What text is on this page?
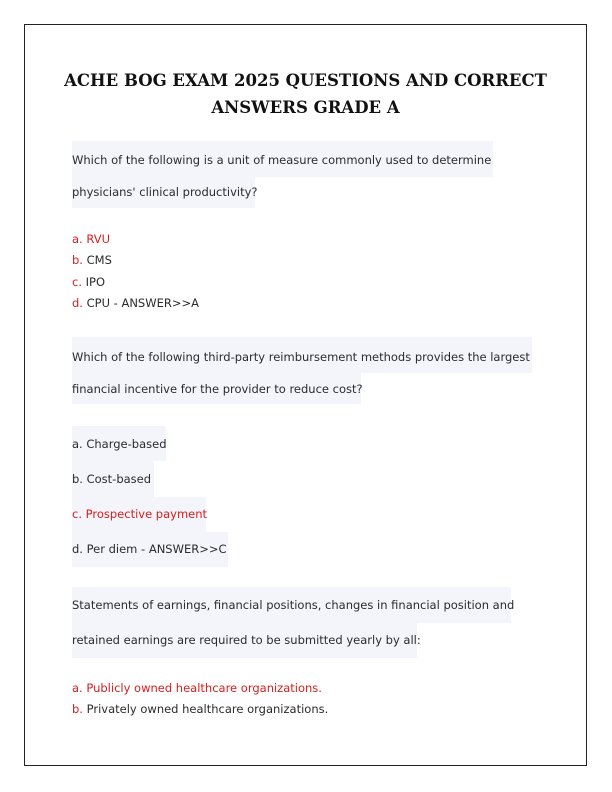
ACHE BOG EXAM 2025 QUESTIONS AND CORRECT
ANSWERS GRADE A
Which of the following is a unit of measure commonly used to determine
physicians' clinical productivity?
a. RVU
b. CMS
c. IPO
d. CPU - ANSWER>>A
Which of the following third-party reimbursement methods provides the largest
financial incentive for the provider to reduce cost?
a. Charge-based
b. Cost-based
c. Prospective payment
d. Per diem - ANSWER>>C
Statements of earnings, financial positions, changes in financial position and
retained earnings are required to be submitted yearly by all:
a. Publicly owned healthcare organizations.
b. Privately owned healthcare organizations.
